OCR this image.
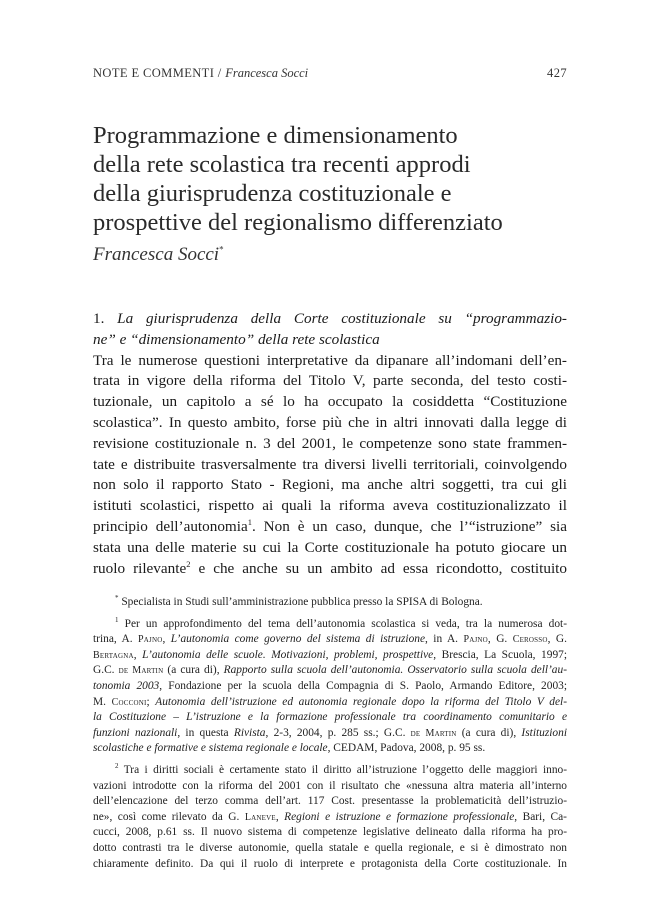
NOTE E COMMENTI / Francesca Socci	427
Programmazione e dimensionamento
della rete scolastica tra recenti approdi
della giurisprudenza costituzionale e
prospettive del regionalismo differenziato
Francesca Socci*
1. La giurisprudenza della Corte costituzionale su “programmazio-
ne” e “dimensionamento” della rete scolastica
Tra le numerose questioni interpretative da dipanare all’indomani dell’en-
trata in vigore della riforma del Titolo V, parte seconda, del testo costi-
tuzionale, un capitolo a sé lo ha occupato la cosiddetta “Costituzione
scolastica”. In questo ambito, forse più che in altri innovati dalla legge di
revisione costituzionale n. 3 del 2001, le competenze sono state frammen-
tate e distribuite trasversalmente tra diversi livelli territoriali, coinvolgendo
non solo il rapporto Stato - Regioni, ma anche altri soggetti, tra cui gli
istituti scolastici, rispetto ai quali la riforma aveva costituzionalizzato il
principio dell’autonomia$^1$. Non è un caso, dunque, che l’“istruzione” sia
stata una delle materie su cui la Corte costituzionale ha potuto giocare un
ruolo rilevante$^2$ e che anche su un ambito ad essa ricondotto, costituito
* Specialista in Studi sull’amministrazione pubblica presso la SPISA di Bologna.
$^1$ Per un approfondimento del tema dell’autonomia scolastica si veda, tra la numerosa dot-
trina, A. Pajno, L’autonomia come governo del sistema di istruzione, in A. Pajno, G. Cerosso, G.
Bertagna, L’autonomia delle scuole. Motivazioni, problemi, prospettive, Brescia, La Scuola, 1997;
G.C. de Martin (a cura di), Rapporto sulla scuola dell’autonomia. Osservatorio sulla scuola dell’au-
tonomia 2003, Fondazione per la scuola della Compagnia di S. Paolo, Armando Editore, 2003;
M. Cocconi; Autonomia dell’istruzione ed autonomia regionale dopo la riforma del Titolo V del-
la Costituzione – L’istruzione e la formazione professionale tra coordinamento comunitario e
funzioni nazionali, in questa Rivista, 2-3, 2004, p. 285 ss.; G.C. de Martin (a cura di), Istituzioni
scolastiche e formative e sistema regionale e locale, CEDAM, Padova, 2008, p. 95 ss.
$^2$ Tra i diritti sociali è certamente stato il diritto all’istruzione l’oggetto delle maggiori inno-
vazioni introdotte con la riforma del 2001 con il risultato che «nessuna altra materia all’interno
dell’elencazione del terzo comma dell’art. 117 Cost. presentasse la problematicità dell’istruzio-
ne», così come rilevato da G. Laneve, Regioni e istruzione e formazione professionale, Bari, Ca-
cucci, 2008, p.61 ss. Il nuovo sistema di competenze legislative delineato dalla riforma ha pro-
dotto contrasti tra le diverse autonomie, quella statale e quella regionale, e si è dimostrato non
chiaramente definito. Da qui il ruolo di interprete e protagonista della Corte costituzionale. In
